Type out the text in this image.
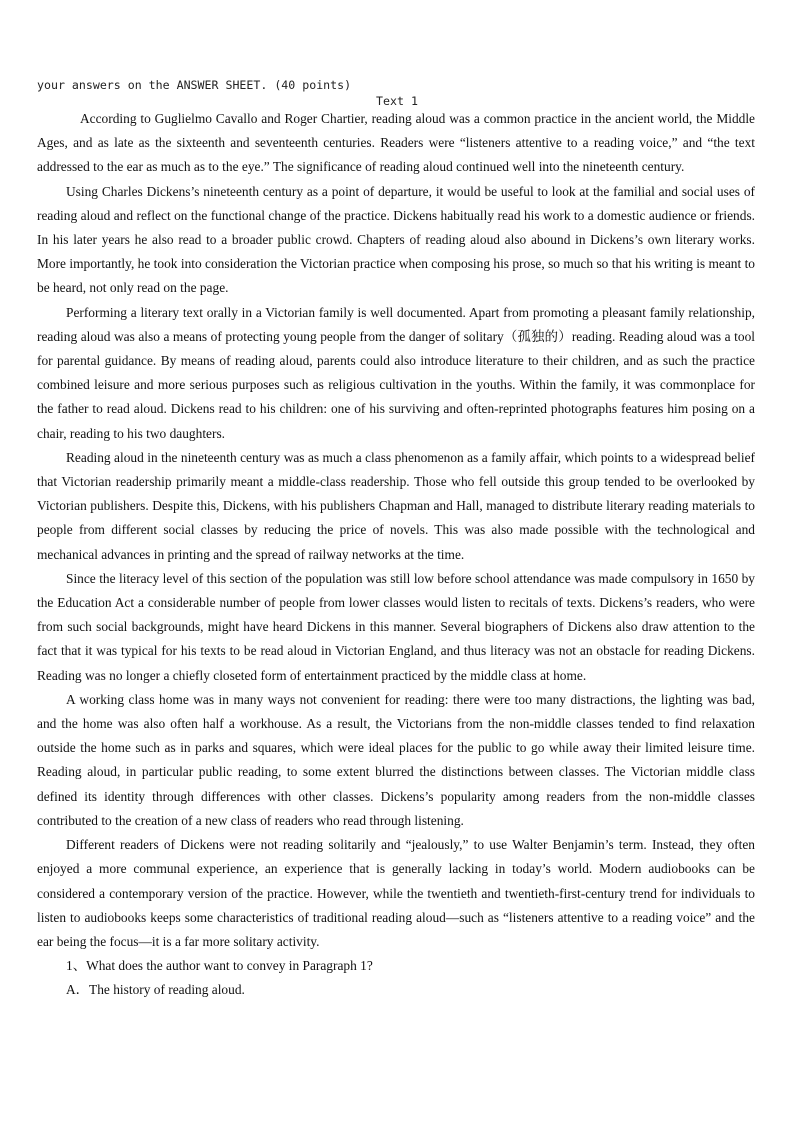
your answers on the ANSWER SHEET. (40 points)
Text 1

According to Guglielmo Cavallo and Roger Chartier, reading aloud was a common practice in the ancient world, the Middle Ages, and as late as the sixteenth and seventeenth centuries. Readers were “listeners attentive to a reading voice,” and “the text addressed to the ear as much as to the eye.” The significance of reading aloud continued well into the nineteenth century.

Using Charles Dickens’s nineteenth century as a point of departure, it would be useful to look at the familial and social uses of reading aloud and reflect on the functional change of the practice. Dickens habitually read his work to a domestic audience or friends. In his later years he also read to a broader public crowd. Chapters of reading aloud also abound in Dickens’s own literary works. More importantly, he took into consideration the Victorian practice when composing his prose, so much so that his writing is meant to be heard, not only read on the page.

Performing a literary text orally in a Victorian family is well documented. Apart from promoting a pleasant family relationship, reading aloud was also a means of protecting young people from the danger of solitary（孤独的）reading. Reading aloud was a tool for parental guidance. By means of reading aloud, parents could also introduce literature to their children, and as such the practice combined leisure and more serious purposes such as religious cultivation in the youths. Within the family, it was commonplace for the father to read aloud. Dickens read to his children: one of his surviving and often-reprinted photographs features him posing on a chair, reading to his two daughters.

Reading aloud in the nineteenth century was as much a class phenomenon as a family affair, which points to a widespread belief that Victorian readership primarily meant a middle-class readership. Those who fell outside this group tended to be overlooked by Victorian publishers. Despite this, Dickens, with his publishers Chapman and Hall, managed to distribute literary reading materials to people from different social classes by reducing the price of novels. This was also made possible with the technological and mechanical advances in printing and the spread of railway networks at the time.

Since the literacy level of this section of the population was still low before school attendance was made compulsory in 1650 by the Education Act a considerable number of people from lower classes would listen to recitals of texts. Dickens’s readers, who were from such social backgrounds, might have heard Dickens in this manner. Several biographers of Dickens also draw attention to the fact that it was typical for his texts to be read aloud in Victorian England, and thus literacy was not an obstacle for reading Dickens. Reading was no longer a chiefly closeted form of entertainment practiced by the middle class at home.

A working class home was in many ways not convenient for reading: there were too many distractions, the lighting was bad, and the home was also often half a workhouse. As a result, the Victorians from the non-middle classes tended to find relaxation outside the home such as in parks and squares, which were ideal places for the public to go while away their limited leisure time. Reading aloud, in particular public reading, to some extent blurred the distinctions between classes. The Victorian middle class defined its identity through differences with other classes. Dickens’s popularity among readers from the non-middle classes contributed to the creation of a new class of readers who read through listening.

Different readers of Dickens were not reading solitarily and “jealously,” to use Walter Benjamin’s term. Instead, they often enjoyed a more communal experience, an experience that is generally lacking in today’s world. Modern audiobooks can be considered a contemporary version of the practice. However, while the twentieth and twentieth-first-century trend for individuals to listen to audiobooks keeps some characteristics of traditional reading aloud—such as “listeners attentive to a reading voice” and the ear being the focus—it is a far more solitary activity.

1、What does the author want to convey in Paragraph 1?

A．The history of reading aloud.
